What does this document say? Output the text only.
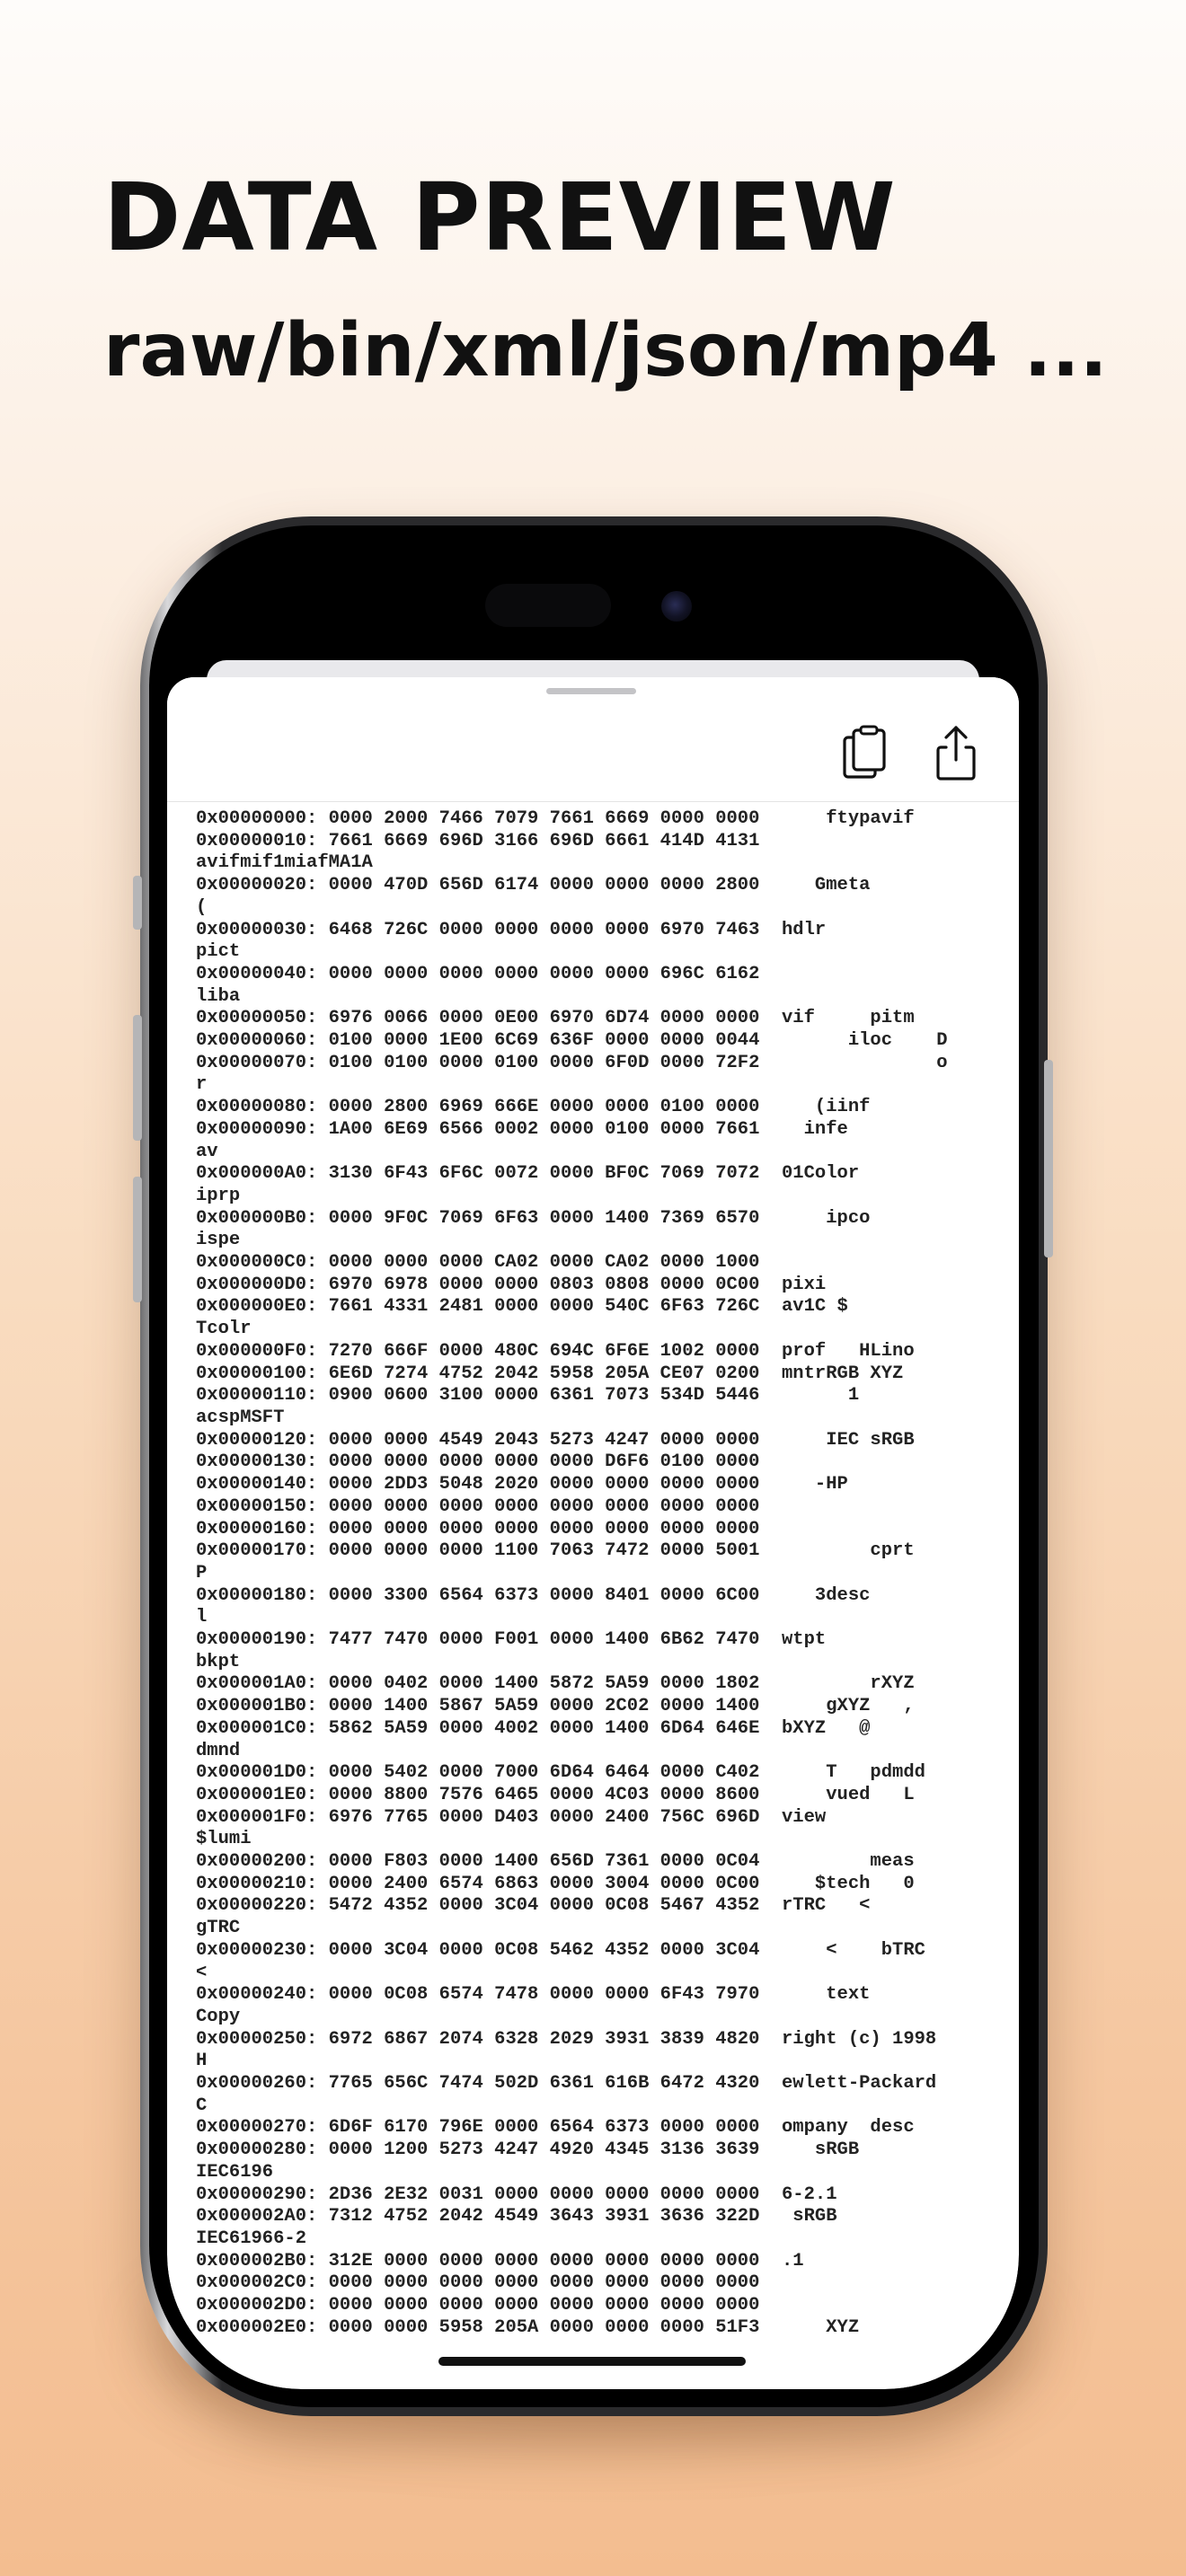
DATA PREVIEW
raw/bin/xml/json/mp4 ...

0x00000000: 0000 2000 7466 7079 7661 6669 0000 0000      ftypavif

0x00000010: 7661 6669 696D 3166 696D 6661 414D 4131

avifmif1miafMA1A

0x00000020: 0000 470D 656D 6174 0000 0000 0000 2800     Gmeta

(

0x00000030: 6468 726C 0000 0000 0000 0000 6970 7463  hdlr

pict

0x00000040: 0000 0000 0000 0000 0000 0000 696C 6162

liba

0x00000050: 6976 0066 0000 0E00 6970 6D74 0000 0000  vif     pitm

0x00000060: 0100 0000 1E00 6C69 636F 0000 0000 0044        iloc    D

0x00000070: 0100 0100 0000 0100 0000 6F0D 0000 72F2                o

r

0x00000080: 0000 2800 6969 666E 0000 0000 0100 0000     (iinf

0x00000090: 1A00 6E69 6566 0002 0000 0100 0000 7661    infe

av

0x000000A0: 3130 6F43 6F6C 0072 0000 BF0C 7069 7072  01Color

iprp

0x000000B0: 0000 9F0C 7069 6F63 0000 1400 7369 6570      ipco

ispe

0x000000C0: 0000 0000 0000 CA02 0000 CA02 0000 1000

0x000000D0: 6970 6978 0000 0000 0803 0808 0000 0C00  pixi

0x000000E0: 7661 4331 2481 0000 0000 540C 6F63 726C  av1C $

Tcolr

0x000000F0: 7270 666F 0000 480C 694C 6F6E 1002 0000  prof   HLino

0x00000100: 6E6D 7274 4752 2042 5958 205A CE07 0200  mntrRGB XYZ

0x00000110: 0900 0600 3100 0000 6361 7073 534D 5446        1

acspMSFT

0x00000120: 0000 0000 4549 2043 5273 4247 0000 0000      IEC sRGB

0x00000130: 0000 0000 0000 0000 0000 D6F6 0100 0000

0x00000140: 0000 2DD3 5048 2020 0000 0000 0000 0000     -HP

0x00000150: 0000 0000 0000 0000 0000 0000 0000 0000

0x00000160: 0000 0000 0000 0000 0000 0000 0000 0000

0x00000170: 0000 0000 0000 1100 7063 7472 0000 5001          cprt

P

0x00000180: 0000 3300 6564 6373 0000 8401 0000 6C00     3desc

l

0x00000190: 7477 7470 0000 F001 0000 1400 6B62 7470  wtpt

bkpt

0x000001A0: 0000 0402 0000 1400 5872 5A59 0000 1802          rXYZ

0x000001B0: 0000 1400 5867 5A59 0000 2C02 0000 1400      gXYZ   ,

0x000001C0: 5862 5A59 0000 4002 0000 1400 6D64 646E  bXYZ   @

dmnd

0x000001D0: 0000 5402 0000 7000 6D64 6464 0000 C402      T   pdmdd

0x000001E0: 0000 8800 7576 6465 0000 4C03 0000 8600      vued   L

0x000001F0: 6976 7765 0000 D403 0000 2400 756C 696D  view

$lumi

0x00000200: 0000 F803 0000 1400 656D 7361 0000 0C04          meas

0x00000210: 0000 2400 6574 6863 0000 3004 0000 0C00     $tech   0

0x00000220: 5472 4352 0000 3C04 0000 0C08 5467 4352  rTRC   <

gTRC

0x00000230: 0000 3C04 0000 0C08 5462 4352 0000 3C04      <    bTRC

<

0x00000240: 0000 0C08 6574 7478 0000 0000 6F43 7970      text

Copy

0x00000250: 6972 6867 2074 6328 2029 3931 3839 4820  right (c) 1998

H

0x00000260: 7765 656C 7474 502D 6361 616B 6472 4320  ewlett-Packard

C

0x00000270: 6D6F 6170 796E 0000 6564 6373 0000 0000  ompany  desc

0x00000280: 0000 1200 5273 4247 4920 4345 3136 3639     sRGB

IEC6196

0x00000290: 2D36 2E32 0031 0000 0000 0000 0000 0000  6-2.1

0x000002A0: 7312 4752 2042 4549 3643 3931 3636 322D   sRGB

IEC61966-2

0x000002B0: 312E 0000 0000 0000 0000 0000 0000 0000  .1

0x000002C0: 0000 0000 0000 0000 0000 0000 0000 0000

0x000002D0: 0000 0000 0000 0000 0000 0000 0000 0000

0x000002E0: 0000 0000 5958 205A 0000 0000 0000 51F3      XYZ
